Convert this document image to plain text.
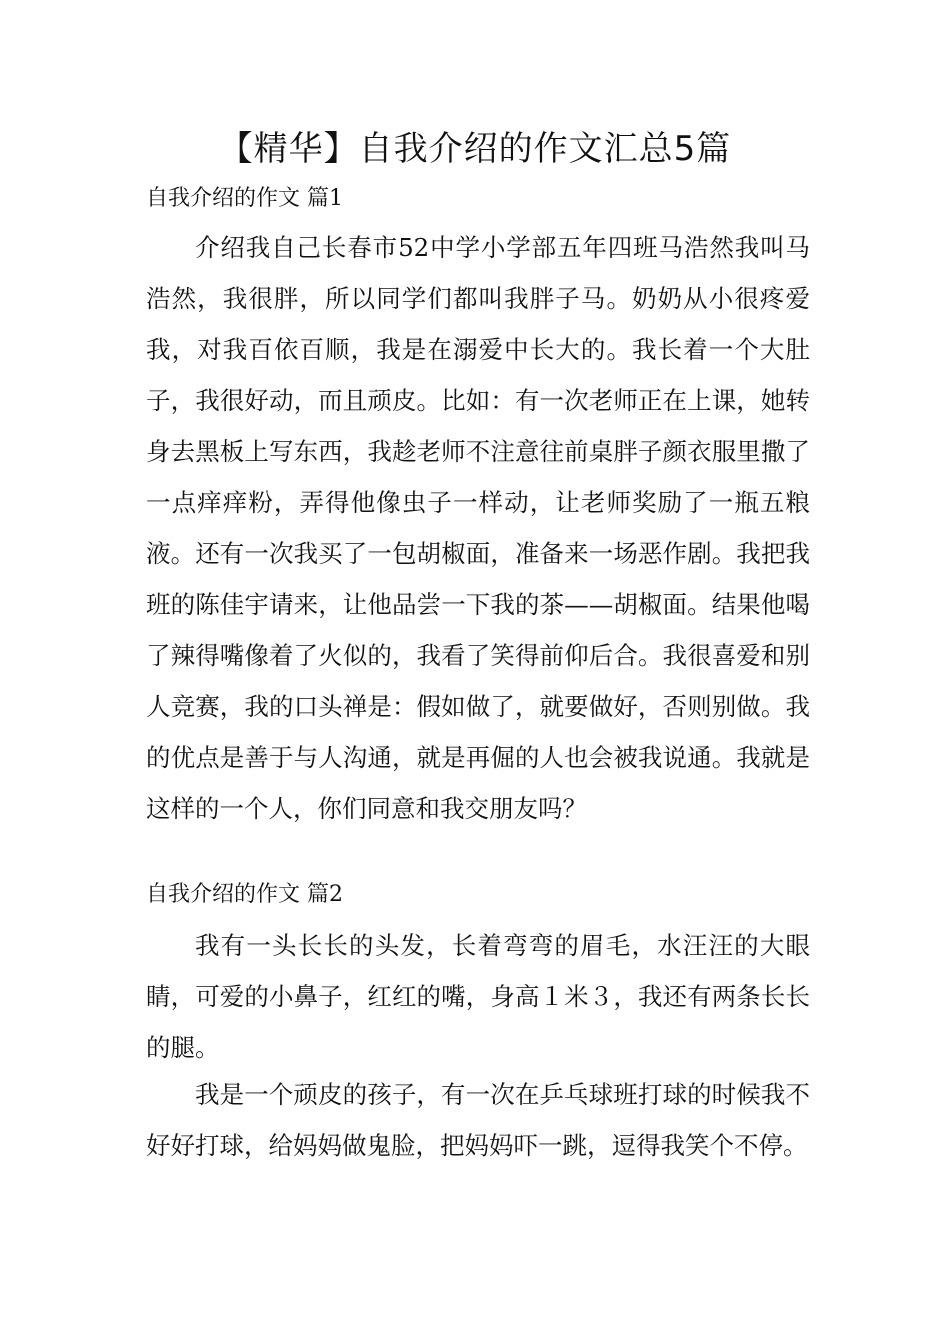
【精华】自我介绍的作文汇总5篇
自我介绍的作文 篇1

介绍我自己长春市52中学小学部五年四班马浩然我叫马浩然，我很胖，所以同学们都叫我胖子马。奶奶从小很疼爱我，对我百依百顺，我是在溺爱中长大的。我长着一个大肚子，我很好动，而且顽皮。比如：有一次老师正在上课，她转身去黑板上写东西，我趁老师不注意往前桌胖子颜衣服里撒了一点痒痒粉，弄得他像虫子一样动，让老师奖励了一瓶五粮液。还有一次我买了一包胡椒面，准备来一场恶作剧。我把我班的陈佳宇请来，让他品尝一下我的茶——胡椒面。结果他喝了辣得嘴像着了火似的，我看了笑得前仰后合。我很喜爱和别人竞赛，我的口头禅是：假如做了，就要做好，否则别做。我的优点是善于与人沟通，就是再倔的人也会被我说通。我就是这样的一个人，你们同意和我交朋友吗？

自我介绍的作文 篇2

我有一头长长的头发，长着弯弯的眉毛，水汪汪的大眼睛，可爱的小鼻子，红红的嘴，身高１米３，我还有两条长长的腿。

我是一个顽皮的孩子，有一次在乒乓球班打球的时候我不好好打球，给妈妈做鬼脸，把妈妈吓一跳，逗得我笑个不停。
